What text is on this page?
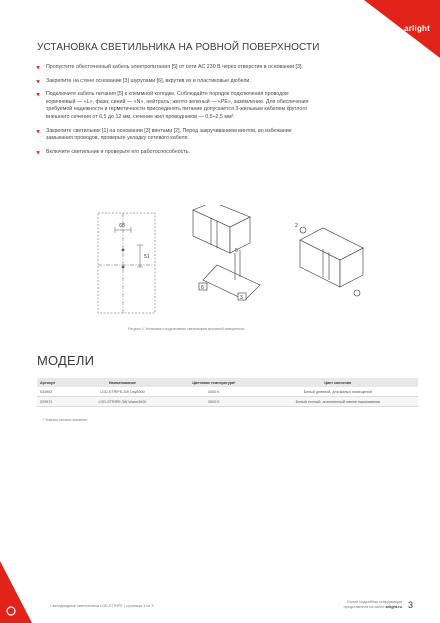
◐ arlight
УСТАНОВКА СВЕТИЛЬНИКА НА РОВНОЙ ПОВЕРХНОСТИ
Пропустите обесточенный кабель электропитания [5] от сети AC 230 В через отверстия в основании [3].
Закрепите на стене основание [3] шурупами [6], вкрутив их в пластиковые дюбели.
Подключите кабель питания [5] к клеммной колодке. Соблюдайте порядок подключения проводов:
коричневый — «L», фаза; синий — «N», нейтраль; желто-зеленый — «PE», заземление. Для обеспечения
требуемой надежности и герметичности присоединять питание допускается 3-жильным кабелем круглого
внешнего сечения от 6,5 до 12 мм, сечение жил проводников — 0,5÷2,5 мм².
Закрепите светильник [1] на основании [3] винтами [2]. Перед закручиванием винтов, во избежание
замыкания проводов, проверьте укладку сетевого кабеля.
Включите светильник и проверьте его работоспособность.
68
51
6
5
3
2
Рисунок 4. Установка и подключение светильника на ровной поверхности
МОДЕЛИ
Артикул	Наименование	Цветовая температура*	Цвет свечения
034983	LGD-STRIPE-3W Day4000	4000 K	Белый дневной, для жилых помещений
029972	LGD-STRIPE-3W Warm3000	3000 K	Белый теплый, аналогичный лампе накаливания
* Указана типовое значение.
Светодиодные светильники LGD-STRIPE | страница 3 из 3
Более подробная информация
представлена на сайте arlight.ru 3
